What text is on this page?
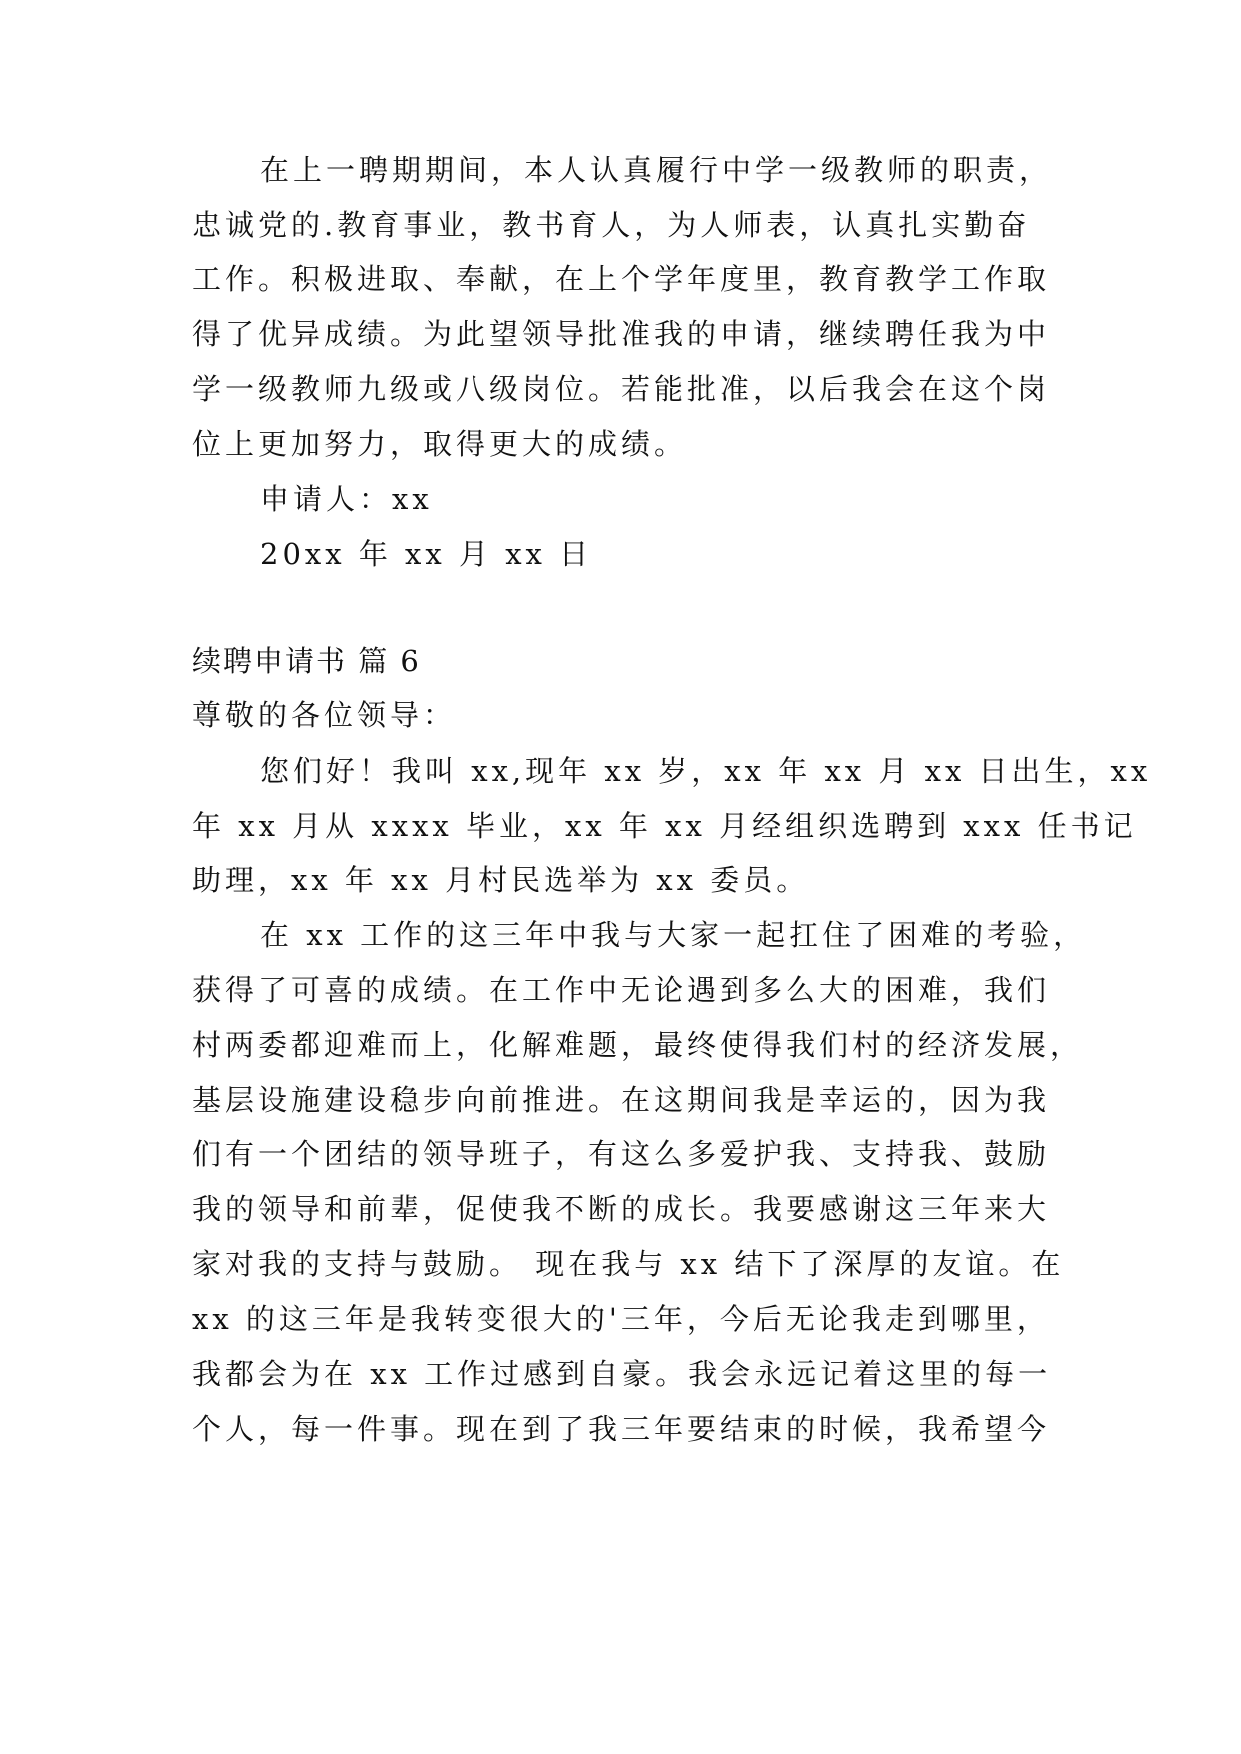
在上一聘期期间，本人认真履行中学一级教师的职责，
忠诚党的.教育事业，教书育人，为人师表，认真扎实勤奋
工作。积极进取、奉献，在上个学年度里，教育教学工作取
得了优异成绩。为此望领导批准我的申请，继续聘任我为中
学一级教师九级或八级岗位。若能批准，以后我会在这个岗
位上更加努力，取得更大的成绩。
申请人：xx
20xx 年 xx 月 xx 日
续聘申请书 篇 6
尊敬的各位领导：
您们好！我叫 xx,现年 xx 岁，xx 年 xx 月 xx 日出生，xx
年 xx 月从 xxxx 毕业，xx 年 xx 月经组织选聘到 xxx 任书记
助理，xx 年 xx 月村民选举为 xx 委员。
在 xx 工作的这三年中我与大家一起扛住了困难的考验，
获得了可喜的成绩。在工作中无论遇到多么大的困难，我们
村两委都迎难而上，化解难题，最终使得我们村的经济发展，
基层设施建设稳步向前推进。在这期间我是幸运的，因为我
们有一个团结的领导班子，有这么多爱护我、支持我、鼓励
我的领导和前辈，促使我不断的成长。我要感谢这三年来大
家对我的支持与鼓励。 现在我与 xx 结下了深厚的友谊。在
xx 的这三年是我转变很大的'三年，今后无论我走到哪里，
我都会为在 xx 工作过感到自豪。我会永远记着这里的每一
个人，每一件事。现在到了我三年要结束的时候，我希望今
